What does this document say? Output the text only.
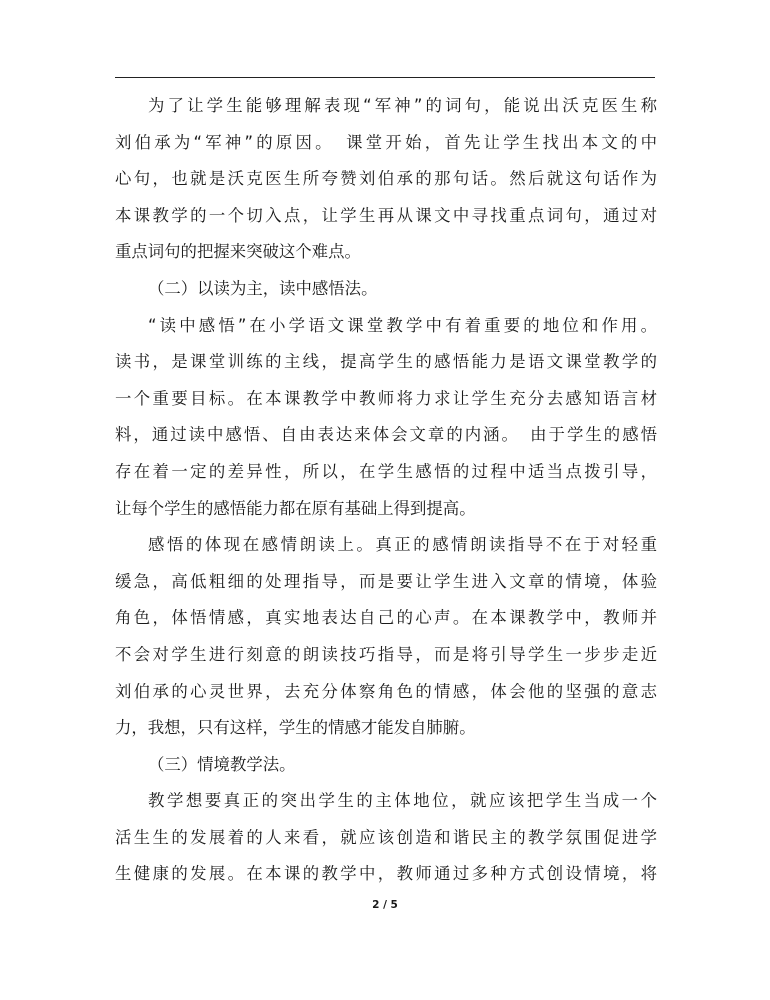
为了让学生能够理解表现“军神”的词句，能说出沃克医生称
刘伯承为“军神”的原因。　课堂开始，首先让学生找出本文的中
心句，也就是沃克医生所夸赞刘伯承的那句话。然后就这句话作为
本课教学的一个切入点，让学生再从课文中寻找重点词句，通过对
重点词句的把握来突破这个难点。
（二）以读为主，读中感悟法。
“读中感悟”在小学语文课堂教学中有着重要的地位和作用。
读书，是课堂训练的主线，提高学生的感悟能力是语文课堂教学的
一个重要目标。在本课教学中教师将力求让学生充分去感知语言材
料，通过读中感悟、自由表达来体会文章的内涵。　由于学生的感悟
存在着一定的差异性，所以，在学生感悟的过程中适当点拨引导，
让每个学生的感悟能力都在原有基础上得到提高。
感悟的体现在感情朗读上。真正的感情朗读指导不在于对轻重
缓急，高低粗细的处理指导，而是要让学生进入文章的情境，体验
角色，体悟情感，真实地表达自己的心声。在本课教学中，教师并
不会对学生进行刻意的朗读技巧指导，而是将引导学生一步步走近
刘伯承的心灵世界，去充分体察角色的情感，体会他的坚强的意志
力，我想，只有这样，学生的情感才能发自肺腑。
（三）情境教学法。
教学想要真正的突出学生的主体地位，就应该把学生当成一个
活生生的发展着的人来看，就应该创造和谐民主的教学氛围促进学
生健康的发展。在本课的教学中，教师通过多种方式创设情境，将
2 / 5
